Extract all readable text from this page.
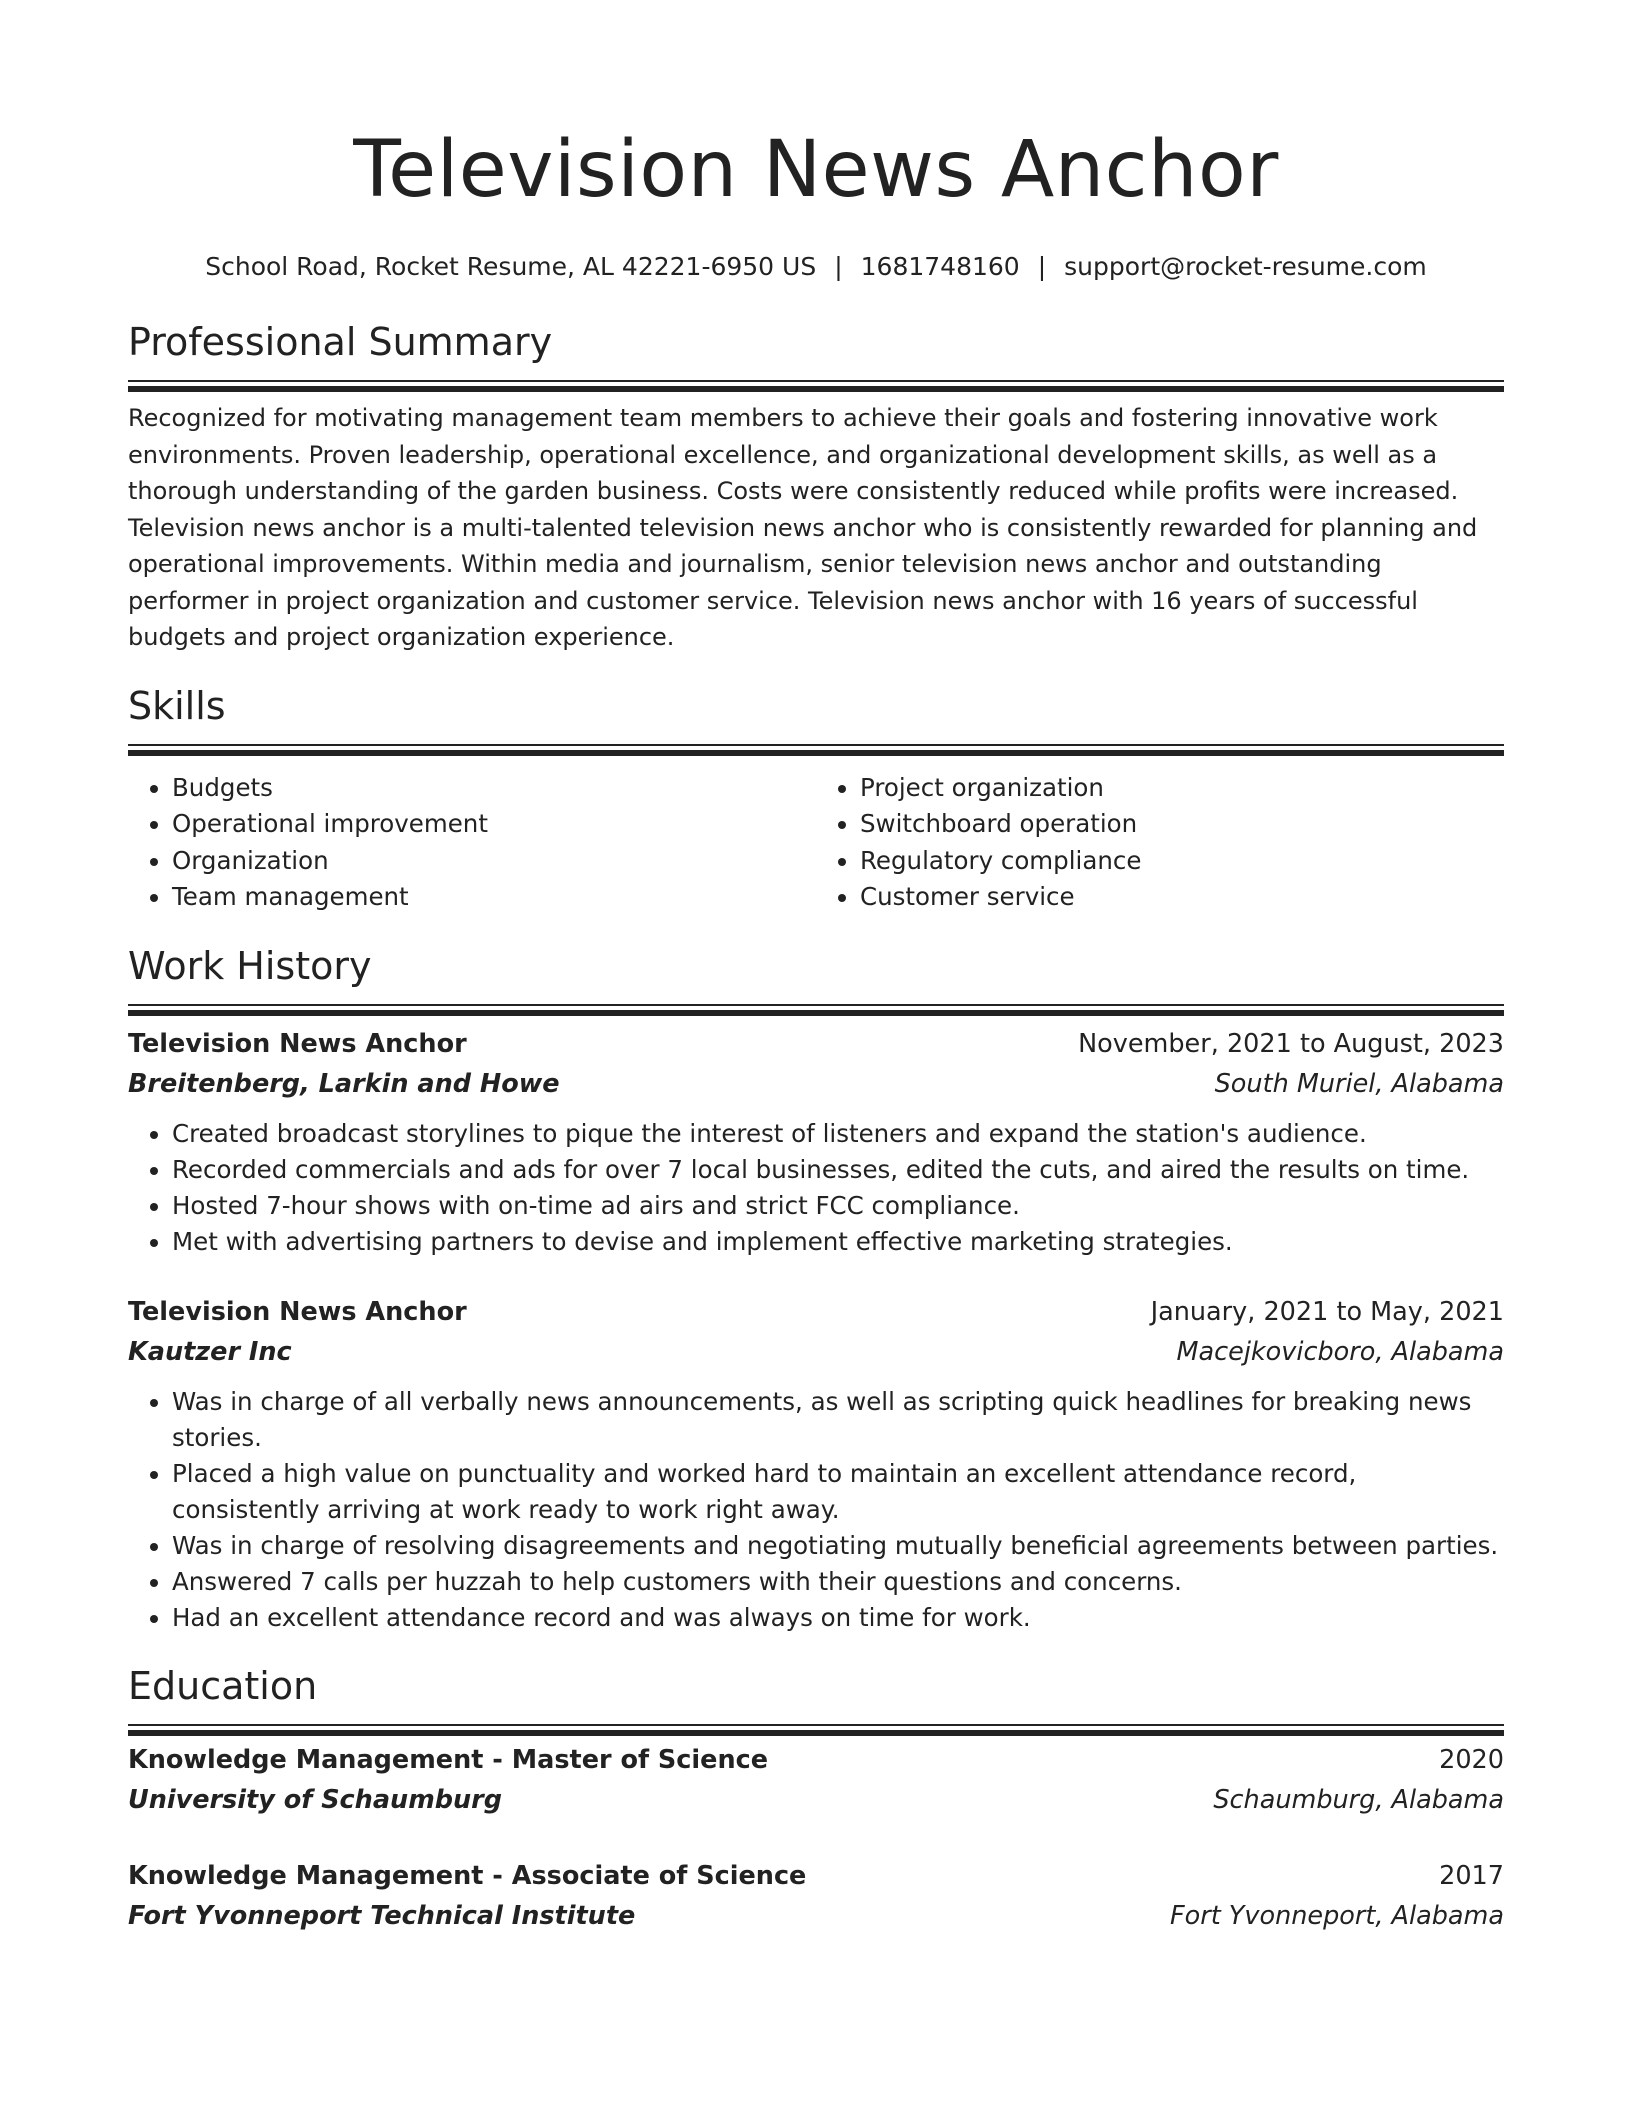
Television News Anchor
School Road, Rocket Resume, AL 42221-6950 US | 1681748160 | support@rocket-resume.com
Professional Summary

Recognized for motivating management team members to achieve their goals and fostering innovative work environments. Proven leadership, operational excellence, and organizational development skills, as well as a thorough understanding of the garden business. Costs were consistently reduced while profits were increased. Television news anchor is a multi-talented television news anchor who is consistently rewarded for planning and operational improvements. Within media and journalism, senior television news anchor and outstanding performer in project organization and customer service. Television news anchor with 16 years of successful budgets and project organization experience.

Skills
• Budgets
• Operational improvement
• Organization
• Team management
• Project organization
• Switchboard operation
• Regulatory compliance
• Customer service
Work History
Television News Anchor	November, 2021 to August, 2023
Breitenberg, Larkin and Howe	South Muriel, Alabama
• Created broadcast storylines to pique the interest of listeners and expand the station's audience.
• Recorded commercials and ads for over 7 local businesses, edited the cuts, and aired the results on time.
• Hosted 7-hour shows with on-time ad airs and strict FCC compliance.
• Met with advertising partners to devise and implement effective marketing strategies.
Television News Anchor	January, 2021 to May, 2021
Kautzer Inc	Macejkovicboro, Alabama
• Was in charge of all verbally news announcements, as well as scripting quick headlines for breaking news stories.
• Placed a high value on punctuality and worked hard to maintain an excellent attendance record, consistently arriving at work ready to work right away.
• Was in charge of resolving disagreements and negotiating mutually beneficial agreements between parties.
• Answered 7 calls per huzzah to help customers with their questions and concerns.
• Had an excellent attendance record and was always on time for work.
Education
Knowledge Management - Master of Science	2020
University of Schaumburg	Schaumburg, Alabama
Knowledge Management - Associate of Science	2017
Fort Yvonneport Technical Institute	Fort Yvonneport, Alabama
